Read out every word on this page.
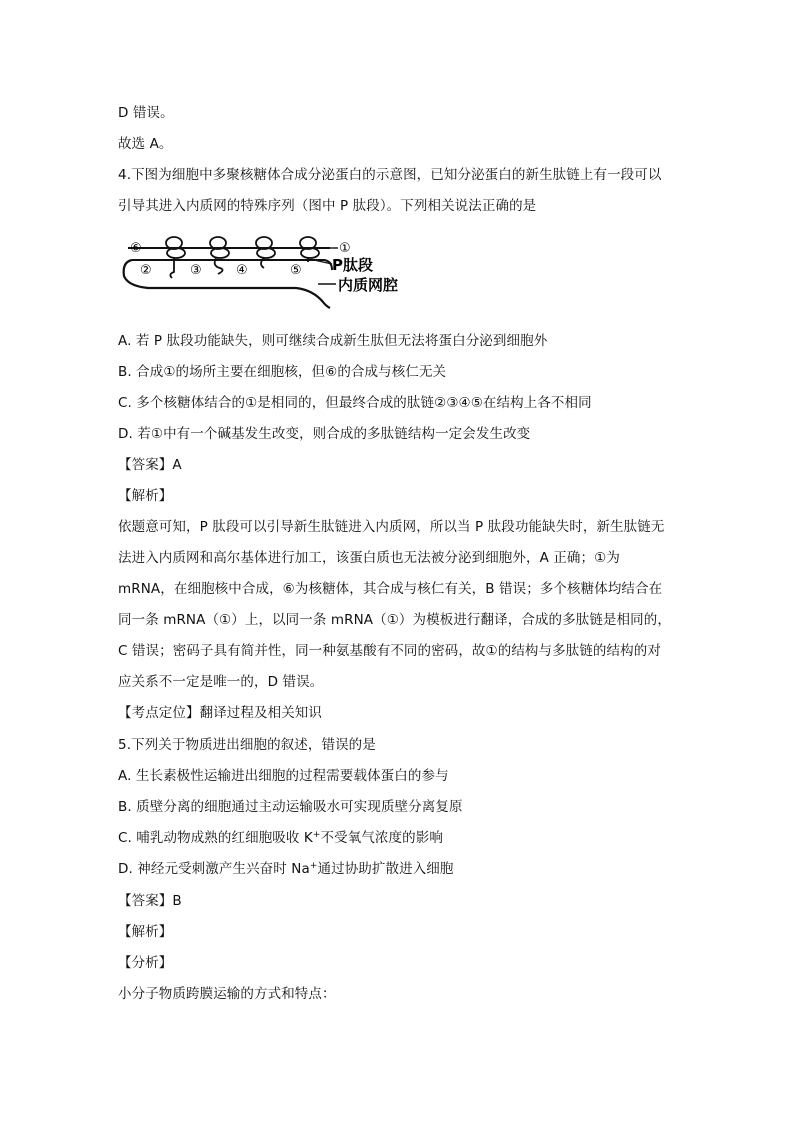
D 错误。
故选 A。
4.下图为细胞中多聚核糖体合成分泌蛋白的示意图，已知分泌蛋白的新生肽链上有一段可以
引导其进入内质网的特殊序列（图中 P 肽段）。下列相关说法正确的是
⑥
②	③	④	⑤
①
P肽段
内质网腔
A. 若 P 肽段功能缺失，则可继续合成新生肽但无法将蛋白分泌到细胞外
B. 合成①的场所主要在细胞核，但⑥的合成与核仁无关
C. 多个核糖体结合的①是相同的，但最终合成的肽链②③④⑤在结构上各不相同
D. 若①中有一个碱基发生改变，则合成的多肽链结构一定会发生改变
【答案】A
【解析】
依题意可知，P 肽段可以引导新生肽链进入内质网，所以当 P 肽段功能缺失时，新生肽链无
法进入内质网和高尔基体进行加工，该蛋白质也无法被分泌到细胞外，A 正确；①为
mRNA，在细胞核中合成，⑥为核糖体，其合成与核仁有关，B 错误；多个核糖体均结合在
同一条 mRNA（①）上，以同一条 mRNA（①）为模板进行翻译，合成的多肽链是相同的，
C 错误；密码子具有简并性，同一种氨基酸有不同的密码，故①的结构与多肽链的结构的对
应关系不一定是唯一的，D 错误。
【考点定位】翻译过程及相关知识
5.下列关于物质进出细胞的叙述，错误的是
A. 生长素极性运输进出细胞的过程需要载体蛋白的参与
B. 质壁分离的细胞通过主动运输吸水可实现质壁分离复原
C. 哺乳动物成熟的红细胞吸收 K+不受氧气浓度的影响
D. 神经元受刺激产生兴奋时 Na+通过协助扩散进入细胞
【答案】B
【解析】
【分析】
小分子物质跨膜运输的方式和特点：
